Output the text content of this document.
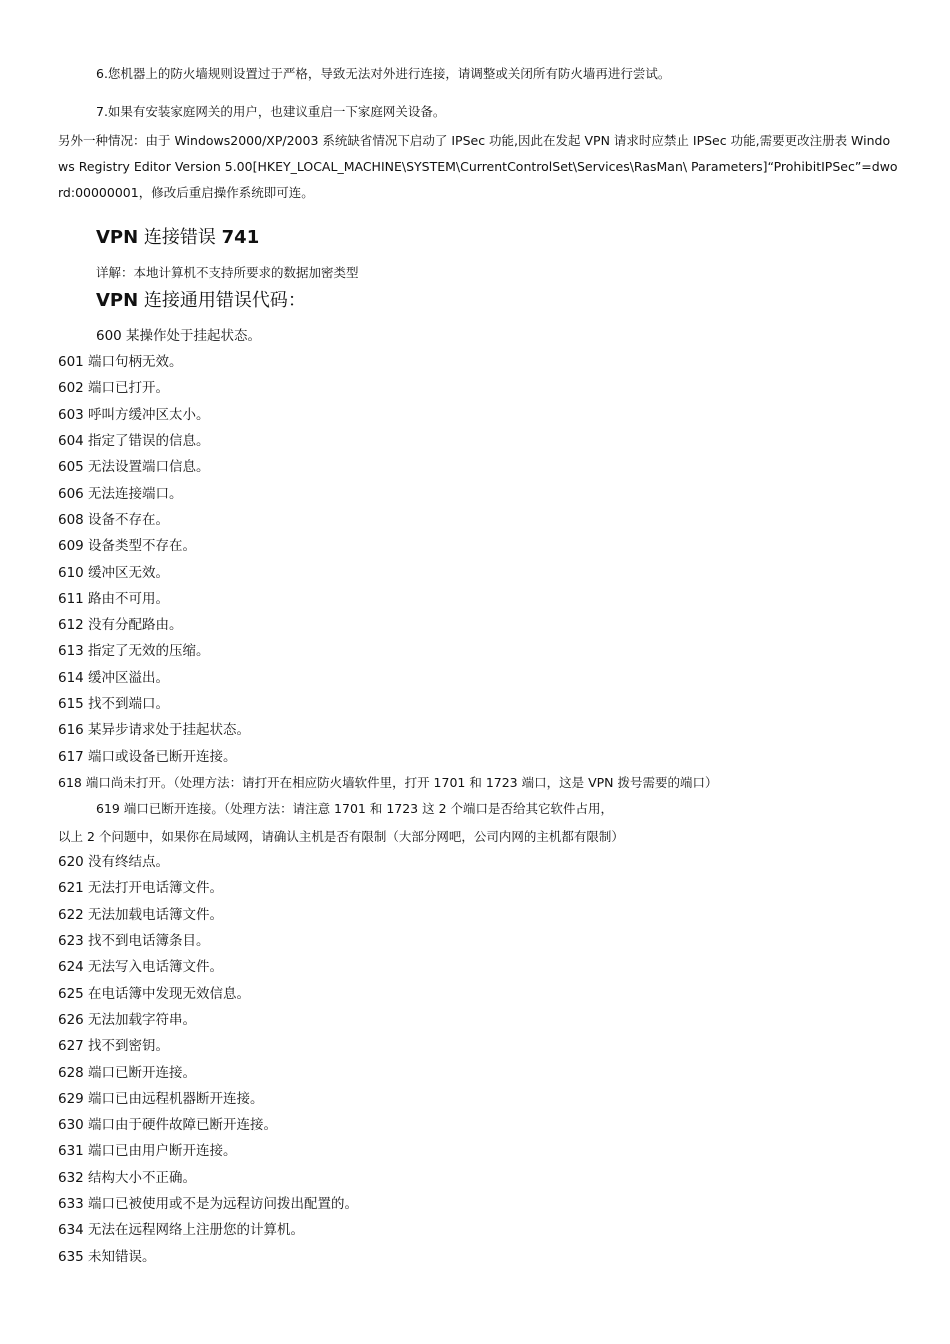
6.您机器上的防火墙规则设置过于严格，导致无法对外进行连接，请调整或关闭所有防火墙再进行尝试。
7.如果有安装家庭网关的用户，也建议重启一下家庭网关设备。
另外一种情况：由于 Windows2000/XP/2003 系统缺省情况下启动了 IPSec 功能,因此在发起 VPN 请求时应禁止 IPSec 功能,需要更改注册表 Windows Registry Editor Version 5.00[HKEY_LOCAL_MACHINE\SYSTEM\CurrentControlSet\Services\RasMan\ Parameters]“ProhibitIPSec”=dword:00000001，修改后重启操作系统即可连。
VPN 连接错误 741
详解：本地计算机不支持所要求的数据加密类型
VPN 连接通用错误代码：
600 某操作处于挂起状态。
601 端口句柄无效。
602 端口已打开。
603 呼叫方缓冲区太小。
604 指定了错误的信息。
605 无法设置端口信息。
606 无法连接端口。
608 设备不存在。
609 设备类型不存在。
610 缓冲区无效。
611 路由不可用。
612 没有分配路由。
613 指定了无效的压缩。
614 缓冲区溢出。
615 找不到端口。
616 某异步请求处于挂起状态。
617 端口或设备已断开连接。
618 端口尚未打开。（处理方法：请打开在相应防火墙软件里，打开 1701 和 1723 端口，这是 VPN 拨号需要的端口）
619 端口已断开连接。（处理方法：请注意 1701 和 1723 这 2 个端口是否给其它软件占用，
以上 2 个问题中，如果你在局域网，请确认主机是否有限制（大部分网吧，公司内网的主机都有限制）
620 没有终结点。
621 无法打开电话簿文件。
622 无法加载电话簿文件。
623 找不到电话簿条目。
624 无法写入电话簿文件。
625 在电话簿中发现无效信息。
626 无法加载字符串。
627 找不到密钥。
628 端口已断开连接。
629 端口已由远程机器断开连接。
630 端口由于硬件故障已断开连接。
631 端口已由用户断开连接。
632 结构大小不正确。
633 端口已被使用或不是为远程访问拨出配置的。
634 无法在远程网络上注册您的计算机。
635 未知错误。
